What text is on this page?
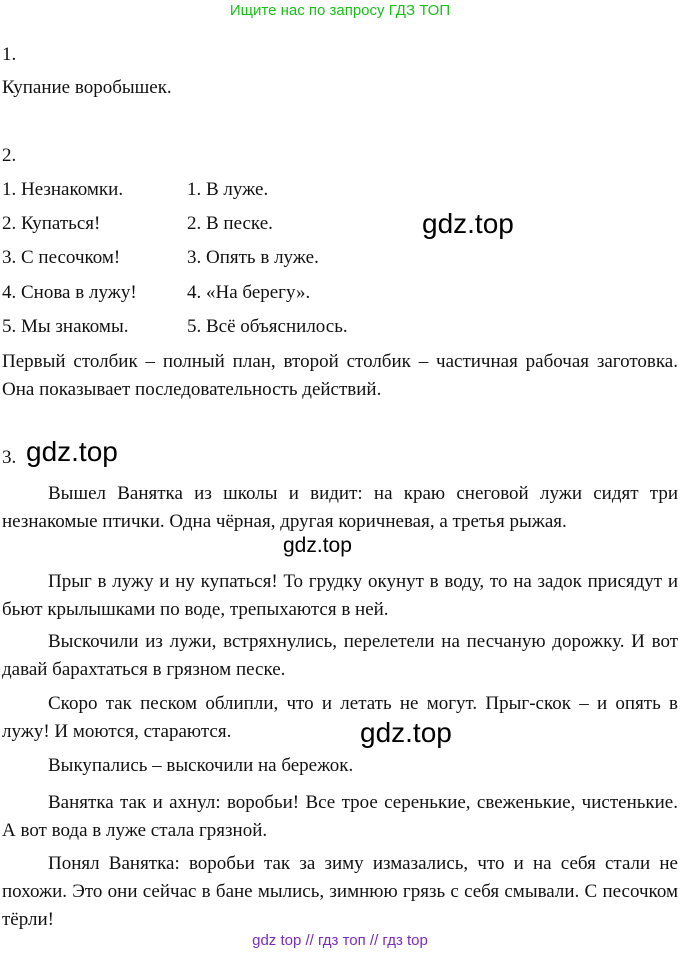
Ищите нас по запросу ГДЗ ТОП
1.
Купание воробышек.
2.
1. Незнакомки.
2. Купаться!
3. С песочком!
4. Снова в лужу!
5. Мы знакомы.
1. В луже.
2. В песке.
3. Опять в луже.
4. «На берегу».
5. Всё объяснилось.
Первый столбик – полный план, второй столбик – частичная рабочая заготовка. Она показывает последовательность действий.
3.
Вышел Ванятка из школы и видит: на краю снеговой лужи сидят три незнакомые птички. Одна чёрная, другая коричневая, а третья рыжая.
Прыг в лужу и ну купаться! То грудку окунут в воду, то на задок присядут и бьют крылышками по воде, трепыхаются в ней.
Выскочили из лужи, встряхнулись, перелетели на песчаную дорожку. И вот давай барахтаться в грязном песке.
Скоро так песком облипли, что и летать не могут. Прыг-скок – и опять в лужу! И моются, стараются.
Выкупались – выскочили на бережок.
Ванятка так и ахнул: воробьи! Все трое серенькие, свеженькие, чистенькие. А вот вода в луже стала грязной.
Понял Ванятка: воробьи так за зиму измазались, что и на себя стали не похожи. Это они сейчас в бане мылись, зимнюю грязь с себя смывали. С песочком тёрли!
gdz.top
gdz.top
gdz.top
gdz.top
gdz top // гдз топ // гдз top
